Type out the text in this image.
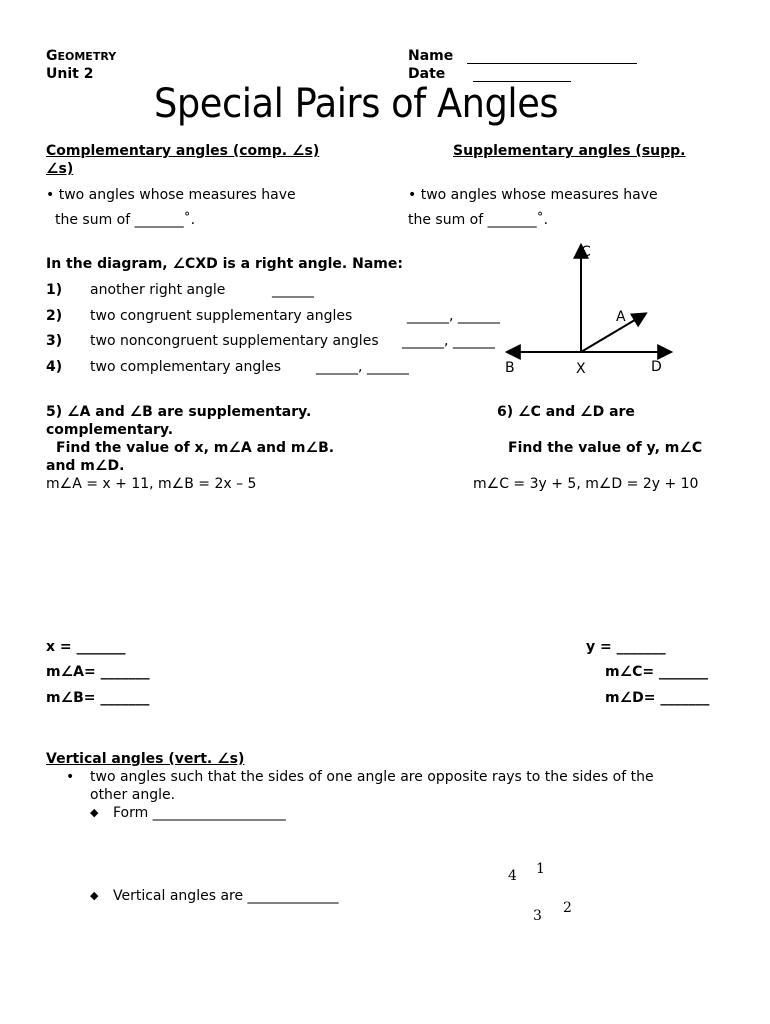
GEOMETRY
Unit 2
Name
Date
Special Pairs of Angles
Complementary angles (comp. ∠s)
∠s)
• two angles whose measures have
the sum of _______˚.
Supplementary angles (supp.
• two angles whose measures have
the sum of _______˚.
In the diagram, ∠CXD is a right angle. Name:
1) another right angle	______
2) two congruent supplementary angles	______, ______
3) two noncongruent supplementary angles ______, ______
4) two complementary angles ______, ______
C
A
B	X	D
5) ∠A and ∠B are supplementary.
complementary.
Find the value of x, m∠A and m∠B.
and m∠D.
m∠A = x + 11, m∠B = 2x – 5
6) ∠C and ∠D are
Find the value of y, m∠C
m∠C = 3y + 5, m∠D = 2y + 10
x = _______
m∠A= _______
m∠B= _______
y = _______
m∠C= _______
m∠D= _______
Vertical angles (vert. ∠s)
• two angles such that the sides of one angle are opposite rays to the sides of the
other angle.
◆ Form ___________________
◆ Vertical angles are _____________
1
2
3
4
